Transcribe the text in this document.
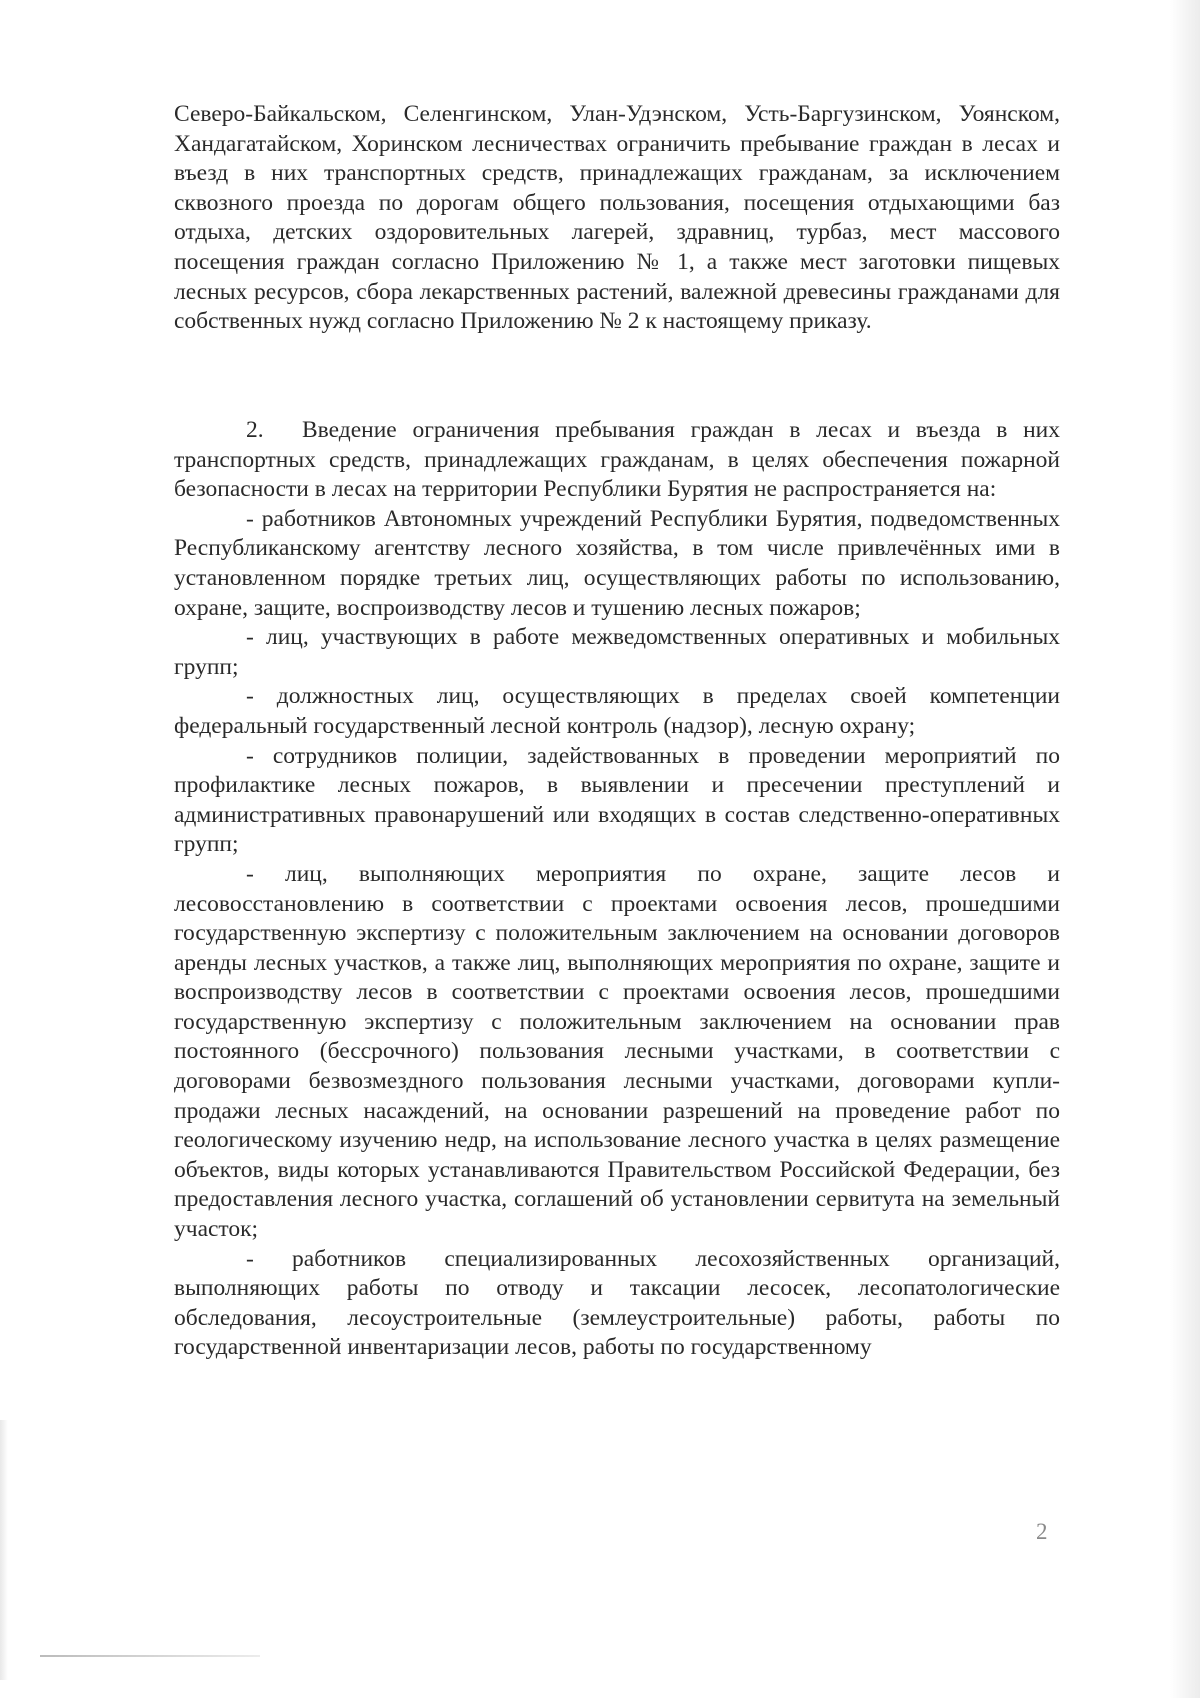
Северо-Байкальском, Селенгинском, Улан-Удэнском, Усть-Баргузинском, Уоянском, Хандагатайском, Хоринском лесничествах ограничить пребывание граждан в лесах и въезд в них транспортных средств, принадлежащих гражданам, за исключением сквозного проезда по дорогам общего пользования, посещения отдыхающими баз отдыха, детских оздоровительных лагерей, здравниц, турбаз, мест массового посещения граждан согласно Приложению № 1, а также мест заготовки пищевых лесных ресурсов, сбора лекарственных растений, валежной древесины гражданами для собственных нужд согласно Приложению № 2 к настоящему приказу.

2. Введение ограничения пребывания граждан в лесах и въезда в них транспортных средств, принадлежащих гражданам, в целях обеспечения пожарной безопасности в лесах на территории Республики Бурятия не распространяется на:

- работников Автономных учреждений Республики Бурятия, подведомственных Республиканскому агентству лесного хозяйства, в том числе привлечённых ими в установленном порядке третьих лиц, осуществляющих работы по использованию, охране, защите, воспроизводству лесов и тушению лесных пожаров;

- лиц, участвующих в работе межведомственных оперативных и мобильных групп;

- должностных лиц, осуществляющих в пределах своей компетенции федеральный государственный лесной контроль (надзор), лесную охрану;

- сотрудников полиции, задействованных в проведении мероприятий по профилактике лесных пожаров, в выявлении и пресечении преступлений и административных правонарушений или входящих в состав следственно-оперативных групп;

- лиц, выполняющих мероприятия по охране, защите лесов и лесовосстановлению в соответствии с проектами освоения лесов, прошедшими государственную экспертизу с положительным заключением на основании договоров аренды лесных участков, а также лиц, выполняющих мероприятия по охране, защите и воспроизводству лесов в соответствии с проектами освоения лесов, прошедшими государственную экспертизу с положительным заключением на основании прав постоянного (бессрочного) пользования лесными участками, в соответствии с договорами безвозмездного пользования лесными участками, договорами купли-продажи лесных насаждений, на основании разрешений на проведение работ по геологическому изучению недр, на использование лесного участка в целях размещение объектов, виды которых устанавливаются Правительством Российской Федерации, без предоставления лесного участка, соглашений об установлении сервитута на земельный участок;

- работников специализированных лесохозяйственных организаций, выполняющих работы по отводу и таксации лесосек, лесопатологические обследования, лесоустроительные (землеустроительные) работы, работы по государственной инвентаризации лесов, работы по государственному

2
